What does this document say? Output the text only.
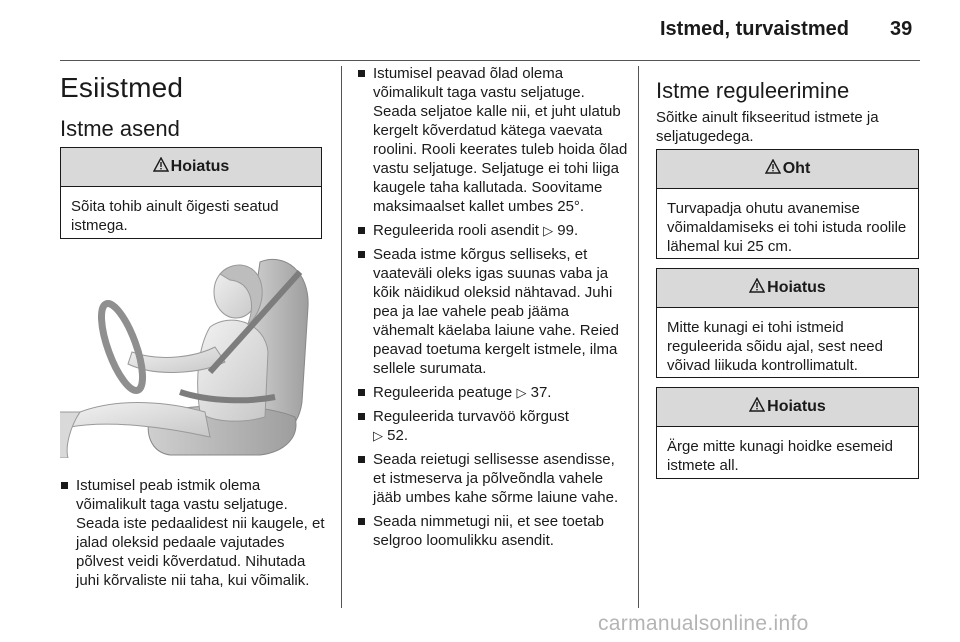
Istmed, turvaistmed 39
Esiistmed
Istme asend
Hoiatus
Sõita tohib ainult õigesti seatud istmega.
Istumisel peab istmik olema võimalikult taga vastu seljatuge. Seada iste pedaalidest nii kaugele, et jalad oleksid pedaale vajutades põlvest veidi kõverdatud. Nihutada juhi kõrvaliste nii taha, kui võimalik.
Istumisel peavad õlad olema võimalikult taga vastu seljatuge. Seada seljatoe kalle nii, et juht ulatub kergelt kõverdatud kätega vaevata roolini. Rooli keerates tuleb hoida õlad vastu seljatuge. Seljatuge ei tohi liiga kaugele taha kallutada. Soovitame maksimaalset kallet umbes 25°.
Reguleerida rooli asendit ▷ 99.
Seada istme kõrgus selliseks, et vaateväli oleks igas suunas vaba ja kõik näidikud oleksid nähtavad. Juhi pea ja lae vahele peab jääma vähemalt käelaba laiune vahe. Reied peavad toetuma kergelt istmele, ilma sellele surumata.
Reguleerida peatuge ▷ 37.
Reguleerida turvavöö kõrgust
▷ 52.
Seada reietugi sellisesse asendisse, et istmeserva ja põlveõndla vahele jääb umbes kahe sõrme laiune vahe.
Seada nimmetugi nii, et see toetab selgroo loomulikku asendit.
Istme reguleerimine
Sõitke ainult fikseeritud istmete ja seljatugedega.
Oht
Turvapadja ohutu avanemise võimaldamiseks ei tohi istuda roolile lähemal kui 25 cm.
Hoiatus
Mitte kunagi ei tohi istmeid reguleerida sõidu ajal, sest need võivad liikuda kontrollimatult.
Hoiatus
Ärge mitte kunagi hoidke esemeid istmete all.
carmanualsonline.info
